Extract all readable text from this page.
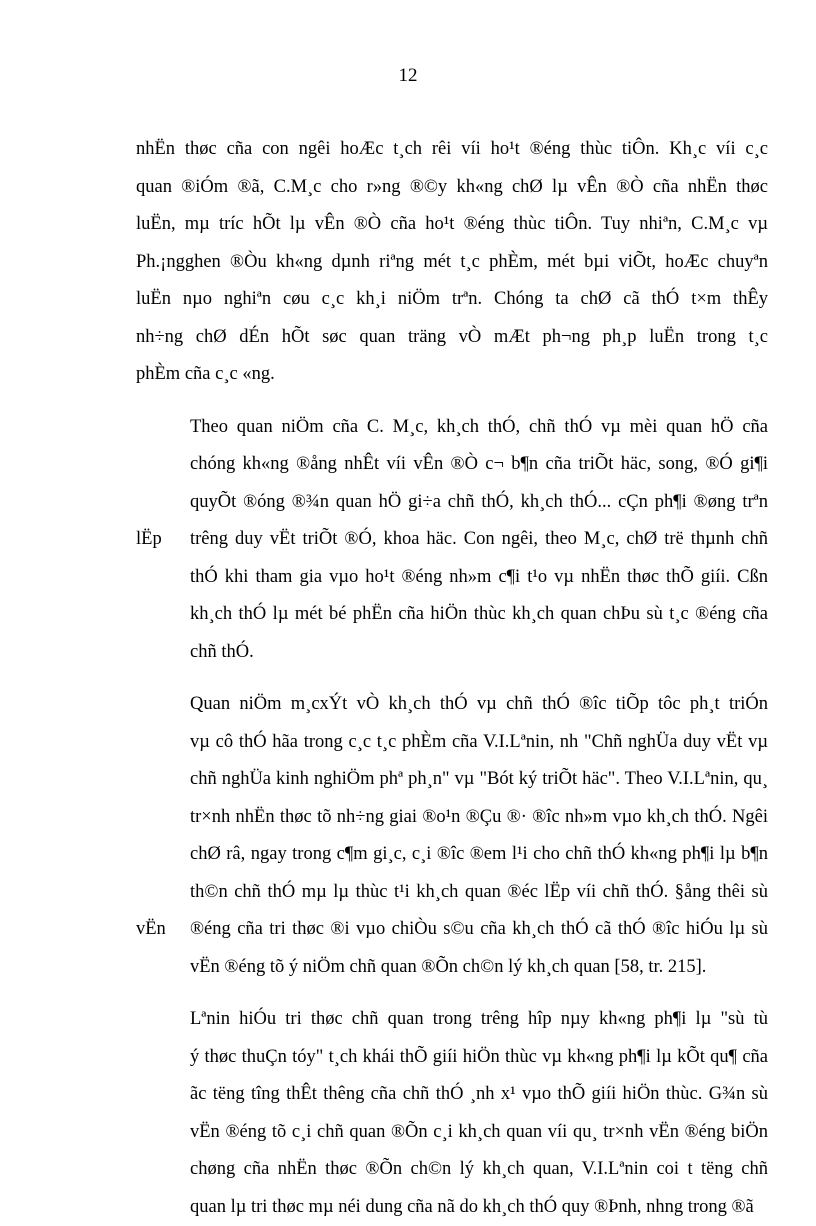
12
nhËn thøc cña con ngêi hoÆc t¸ch rêi víi ho¹t ®éng thùc tiÔn. Kh¸c víi c¸c
quan ®iÓm ®ã, C.M¸c cho r»ng ®©y kh«ng chØ lµ vÊn ®Ò cña nhËn thøc
luËn, mµ tríc hÕt lµ vÊn ®Ò cña ho¹t ®éng thùc tiÔn. Tuy nhiªn, C.M¸c vµ
Ph.¡ngghen ®Òu kh«ng dµnh riªng mét t¸c phÈm, mét bµi viÕt, hoÆc chuyªn
luËn nµo nghiªn cøu c¸c kh¸i niÖm trªn. Chóng ta chØ cã thÓ t×m thÊy
nh÷ng chØ dÉn hÕt søc quan träng vÒ mÆt ph¬ng ph¸p luËn trong t¸c
phÈm cña c¸c «ng.
Theo quan niÖm cña C. M¸c, kh¸ch thÓ, chñ thÓ vµ mèi quan hÖ cña
chóng kh«ng ®ång nhÊt víi vÊn ®Ò c¬ b¶n cña triÕt häc, song, ®Ó gi¶i
quyÕt ®óng ®¾n quan hÖ gi÷a chñ thÓ, kh¸ch thÓ... cÇn ph¶i ®øng trªn lËp	trêng duy vËt triÕt ®Ó, khoa häc. Con ngêi, theo M¸c, chØ trë thµnh chñ
thÓ khi tham gia vµo ho¹t ®éng nh»m c¶i t¹o vµ nhËn thøc thÕ giíi. Cßn
kh¸ch thÓ lµ mét bé phËn cña hiÖn thùc kh¸ch quan chÞu sù t¸c ®éng cña
chñ thÓ.
Quan niÖm m¸cxÝt vÒ kh¸ch thÓ vµ chñ thÓ ®îc tiÕp tôc ph¸t triÓn
vµ cô thÓ hãa trong c¸c t¸c phÈm cña V.I.Lªnin, nh "Chñ nghÜa duy vËt vµ
chñ nghÜa kinh nghiÖm phª ph¸n" vµ "Bót ký triÕt häc". Theo V.I.Lªnin, qu¸
tr×nh nhËn thøc tõ nh÷ng giai ®o¹n ®Çu ®· ®îc nh»m vµo kh¸ch thÓ. Ngêi
chØ râ, ngay trong c¶m gi¸c, c¸i ®îc ®em l¹i cho chñ thÓ kh«ng ph¶i lµ b¶n
th©n chñ thÓ mµ lµ thùc t¹i kh¸ch quan ®éc lËp víi chñ thÓ. §ång thêi sù vËn	®éng cña tri thøc ®i vµo chiÒu s©u cña kh¸ch thÓ cã thÓ ®îc hiÓu lµ sù
vËn ®éng tõ ý niÖm chñ quan ®Õn ch©n lý kh¸ch quan [58, tr. 215].
Lªnin hiÓu tri thøc chñ quan trong trêng hîp nµy kh«ng ph¶i lµ "sù tù
ý thøc thuÇn tóy" t¸ch khái thÕ giíi hiÖn thùc vµ kh«ng ph¶i lµ kÕt qu¶ cña
ãc tëng tîng thÊt thêng cña chñ thÓ ¸nh x¹ vµo thÕ giíi hiÖn thùc. G¾n sù
vËn ®éng tõ c¸i chñ quan ®Õn c¸i kh¸ch quan víi qu¸ tr×nh vËn ®éng biÖn
chøng cña nhËn thøc ®Õn ch©n lý kh¸ch quan, V.I.Lªnin coi t tëng chñ
quan lµ tri thøc mµ néi dung cña nã do kh¸ch thÓ quy ®Þnh, nhng trong ®ã
